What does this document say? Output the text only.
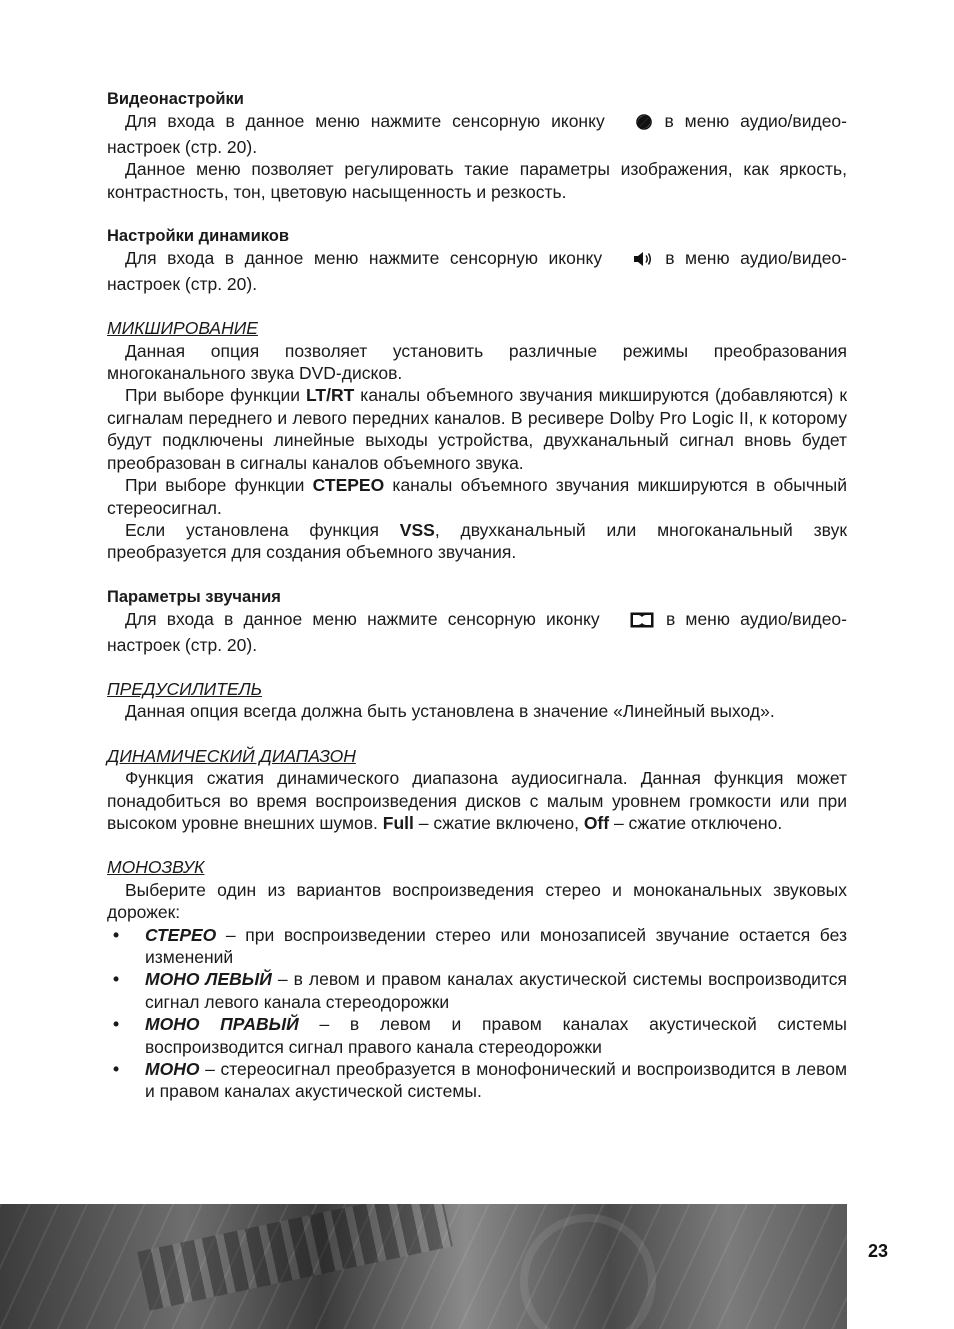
Видеонастройки

Для входа в данное меню нажмите сенсорную иконку  в меню аудио/видео-настроек (стр. 20).

Данное меню позволяет регулировать такие параметры изображения, как яркость, контрастность, тон, цветовую насыщенность и резкость.

Настройки динамиков

Для входа в данное меню нажмите сенсорную иконку  в меню аудио/видео-настроек (стр. 20).

МИКШИРОВАНИЕ

Данная опция позволяет установить различные режимы преобразования многоканального звука DVD-дисков.

При выборе функции LT/RT каналы объемного звучания микшируются (добавляются) к сигналам переднего и левого передних каналов. В ресивере Dolby Pro Logic II, к которому будут подключены линейные выходы устройства, двухканальный сигнал вновь будет преобразован в сигналы каналов объемного звука.

При выборе функции СТЕРЕО каналы объемного звучания микшируются в обычный стереосигнал.

Если установлена функция VSS, двухканальный или многоканальный звук преобразуется для создания объемного звучания.

Параметры звучания

Для входа в данное меню нажмите сенсорную иконку	в меню аудио/видео-настроек (стр. 20).

ПРЕДУСИЛИТЕЛЬ

Данная опция всегда должна быть установлена в значение «Линейный выход».

ДИНАМИЧЕСКИЙ ДИАПАЗОН

Функция сжатия динамического диапазона аудиосигнала. Данная функция может понадобиться во время воспроизведения дисков с малым уровнем громкости или при высоком уровне внешних шумов. Full – сжатие включено, Off – сжатие отключено.

МОНОЗВУК

Выберите один из вариантов воспроизведения стерео и моноканальных звуковых дорожек:

• СТЕРЕО – при воспроизведении стерео или монозаписей звучание остается без изменений
• МОНО ЛЕВЫЙ – в левом и правом каналах акустической системы воспроизводится сигнал левого канала стереодорожки
• МОНО ПРАВЫЙ – в левом и правом каналах акустической системы воспроизводится сигнал правого канала стереодорожки
• МОНО – стереосигнал преобразуется в монофонический и воспроизводится в левом и правом каналах акустической системы.
23
